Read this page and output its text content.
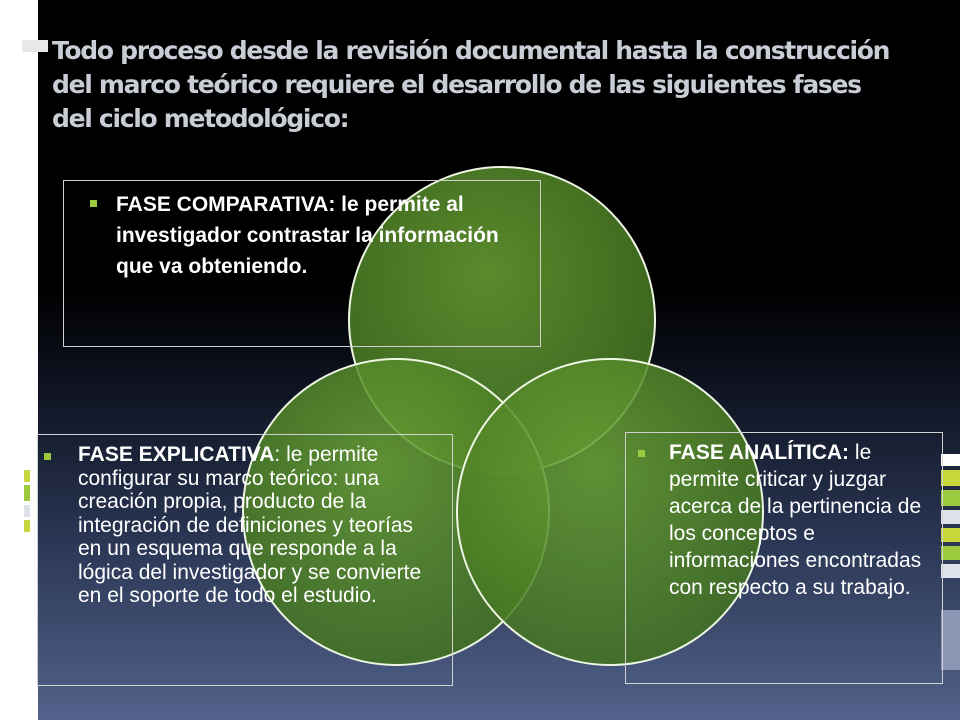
Todo proceso desde la revisión documental hasta la construcción del marco teórico requiere el desarrollo de las siguientes fases del ciclo metodológico:
FASE COMPARATIVA: le permite al investigador contrastar la información que va obteniendo.
FASE EXPLICATIVA: le permite configurar su marco teórico: una creación propia, producto de la integración de definiciones y teorías en un esquema que responde a la lógica del investigador y se convierte en el soporte de todo el estudio.
FASE ANALÍTICA: le permite criticar y juzgar acerca de la pertinencia de los conceptos e informaciones encontradas con respecto a su trabajo.
